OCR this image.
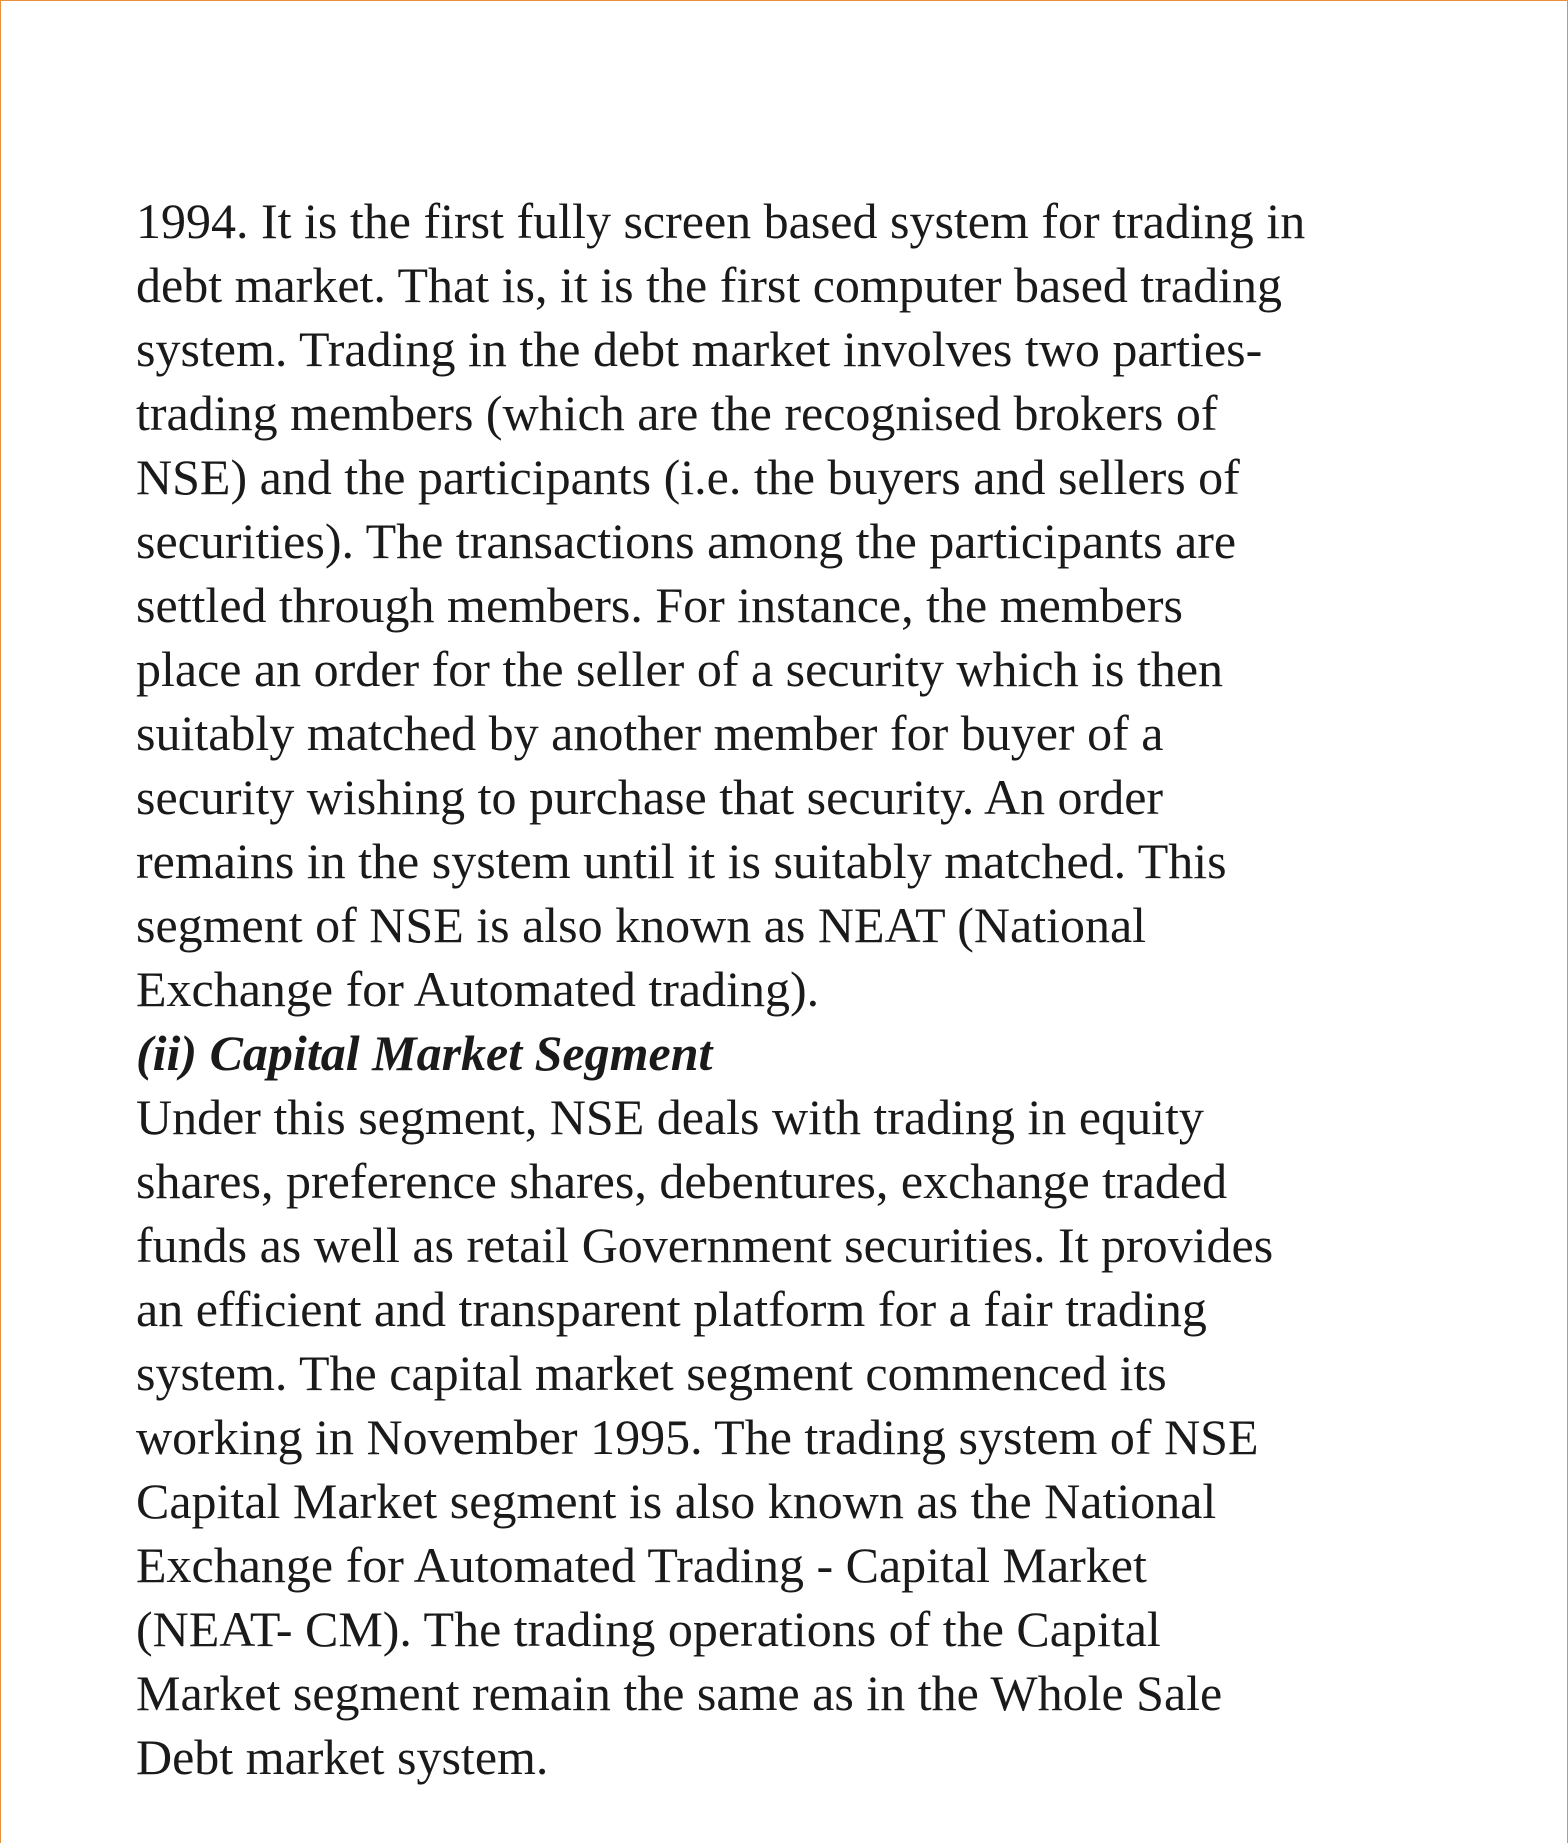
1994. It is the first fully screen based system for trading in
debt market. That is, it is the first computer based trading
system. Trading in the debt market involves two parties-
trading members (which are the recognised brokers of
NSE) and the participants (i.e. the buyers and sellers of
securities). The transactions among the participants are
settled through members. For instance, the members
place an order for the seller of a security which is then
suitably matched by another member for buyer of a
security wishing to purchase that security. An order
remains in the system until it is suitably matched. This
segment of NSE is also known as NEAT (National
Exchange for Automated trading).
(ii) Capital Market Segment
Under this segment, NSE deals with trading in equity
shares, preference shares, debentures, exchange traded
funds as well as retail Government securities. It provides
an efficient and transparent platform for a fair trading
system. The capital market segment commenced its
working in November 1995. The trading system of NSE
Capital Market segment is also known as the National
Exchange for Automated Trading - Capital Market
(NEAT- CM). The trading operations of the Capital
Market segment remain the same as in the Whole Sale
Debt market system.
